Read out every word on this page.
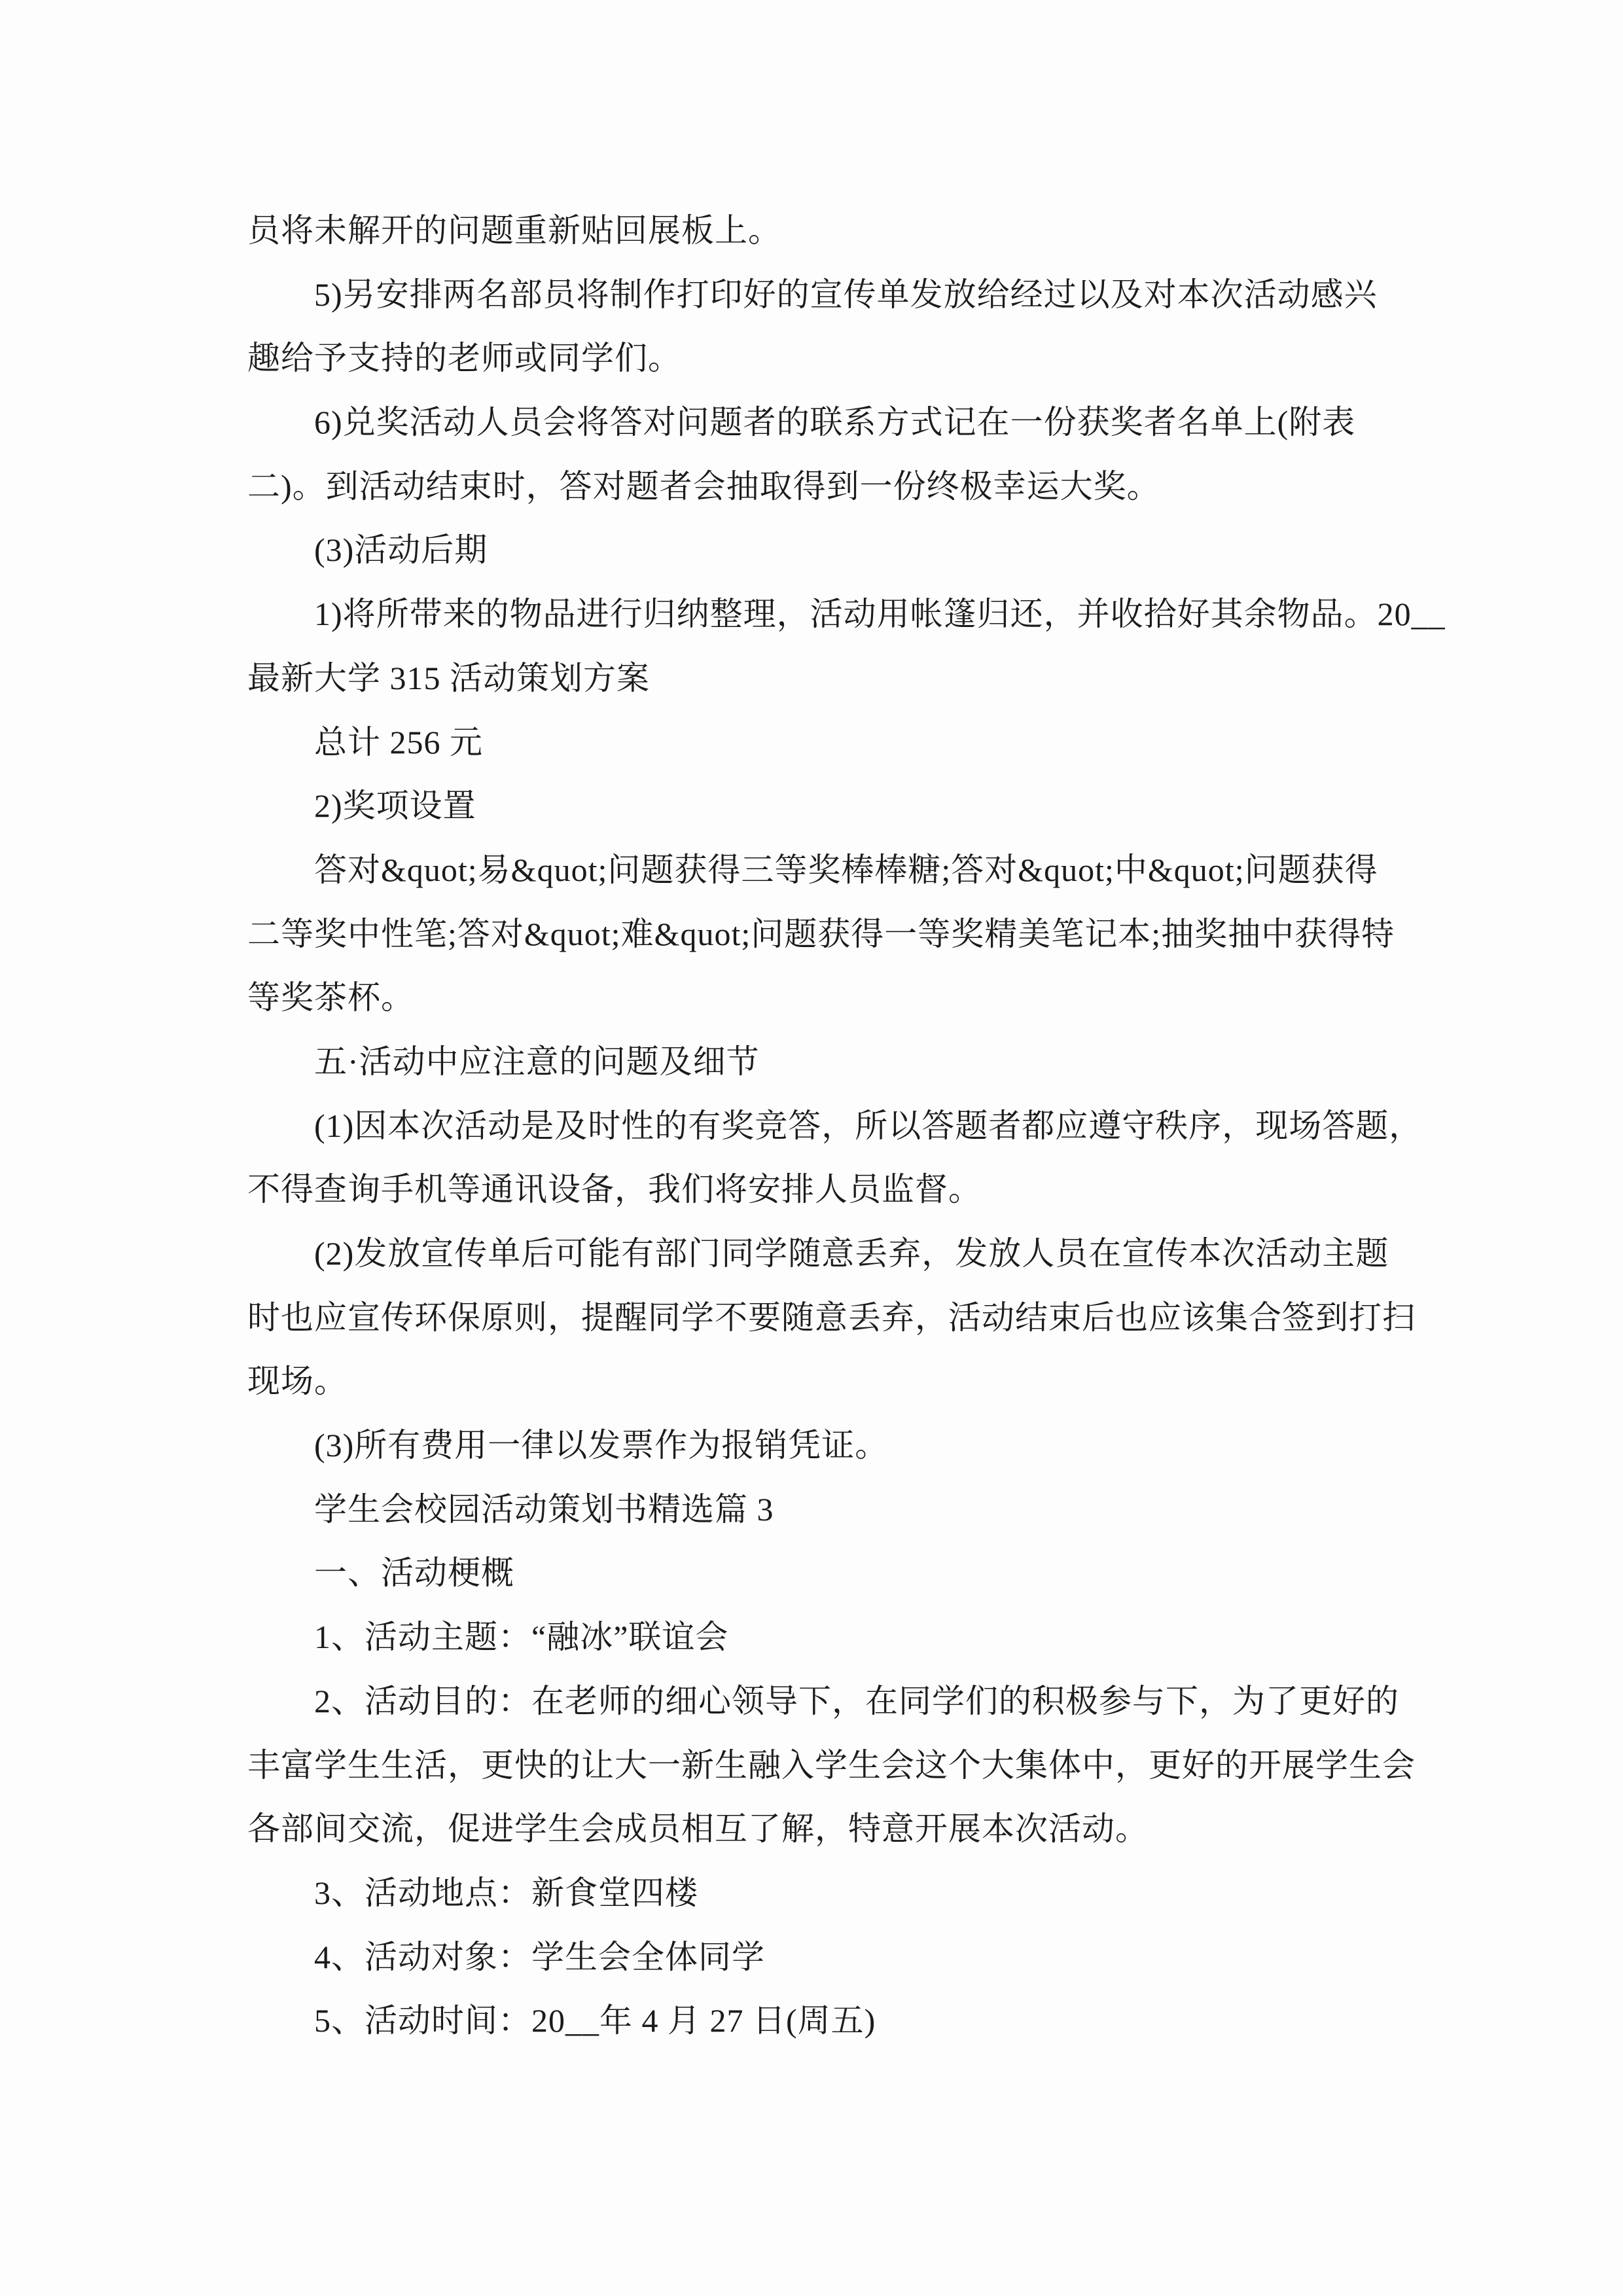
员将未解开的问题重新贴回展板上。
5)另安排两名部员将制作打印好的宣传单发放给经过以及对本次活动感兴
趣给予支持的老师或同学们。
6)兑奖活动人员会将答对问题者的联系方式记在一份获奖者名单上(附表
二)。到活动结束时，答对题者会抽取得到一份终极幸运大奖。
(3)活动后期
1)将所带来的物品进行归纳整理，活动用帐篷归还，并收拾好其余物品。20__
最新大学 315 活动策划方案
总计 256 元
2)奖项设置
答对&quot;易&quot;问题获得三等奖棒棒糖;答对&quot;中&quot;问题获得
二等奖中性笔;答对&quot;难&quot;问题获得一等奖精美笔记本;抽奖抽中获得特
等奖茶杯。
五·活动中应注意的问题及细节
(1)因本次活动是及时性的有奖竞答，所以答题者都应遵守秩序，现场答题，
不得查询手机等通讯设备，我们将安排人员监督。
(2)发放宣传单后可能有部门同学随意丢弃，发放人员在宣传本次活动主题
时也应宣传环保原则，提醒同学不要随意丢弃，活动结束后也应该集合签到打扫
现场。
(3)所有费用一律以发票作为报销凭证。
学生会校园活动策划书精选篇 3
一、活动梗概
1、活动主题：“融冰”联谊会
2、活动目的：在老师的细心领导下，在同学们的积极参与下，为了更好的
丰富学生生活，更快的让大一新生融入学生会这个大集体中，更好的开展学生会
各部间交流，促进学生会成员相互了解，特意开展本次活动。
3、活动地点：新食堂四楼
4、活动对象：学生会全体同学
5、活动时间：20__年 4 月 27 日(周五)
